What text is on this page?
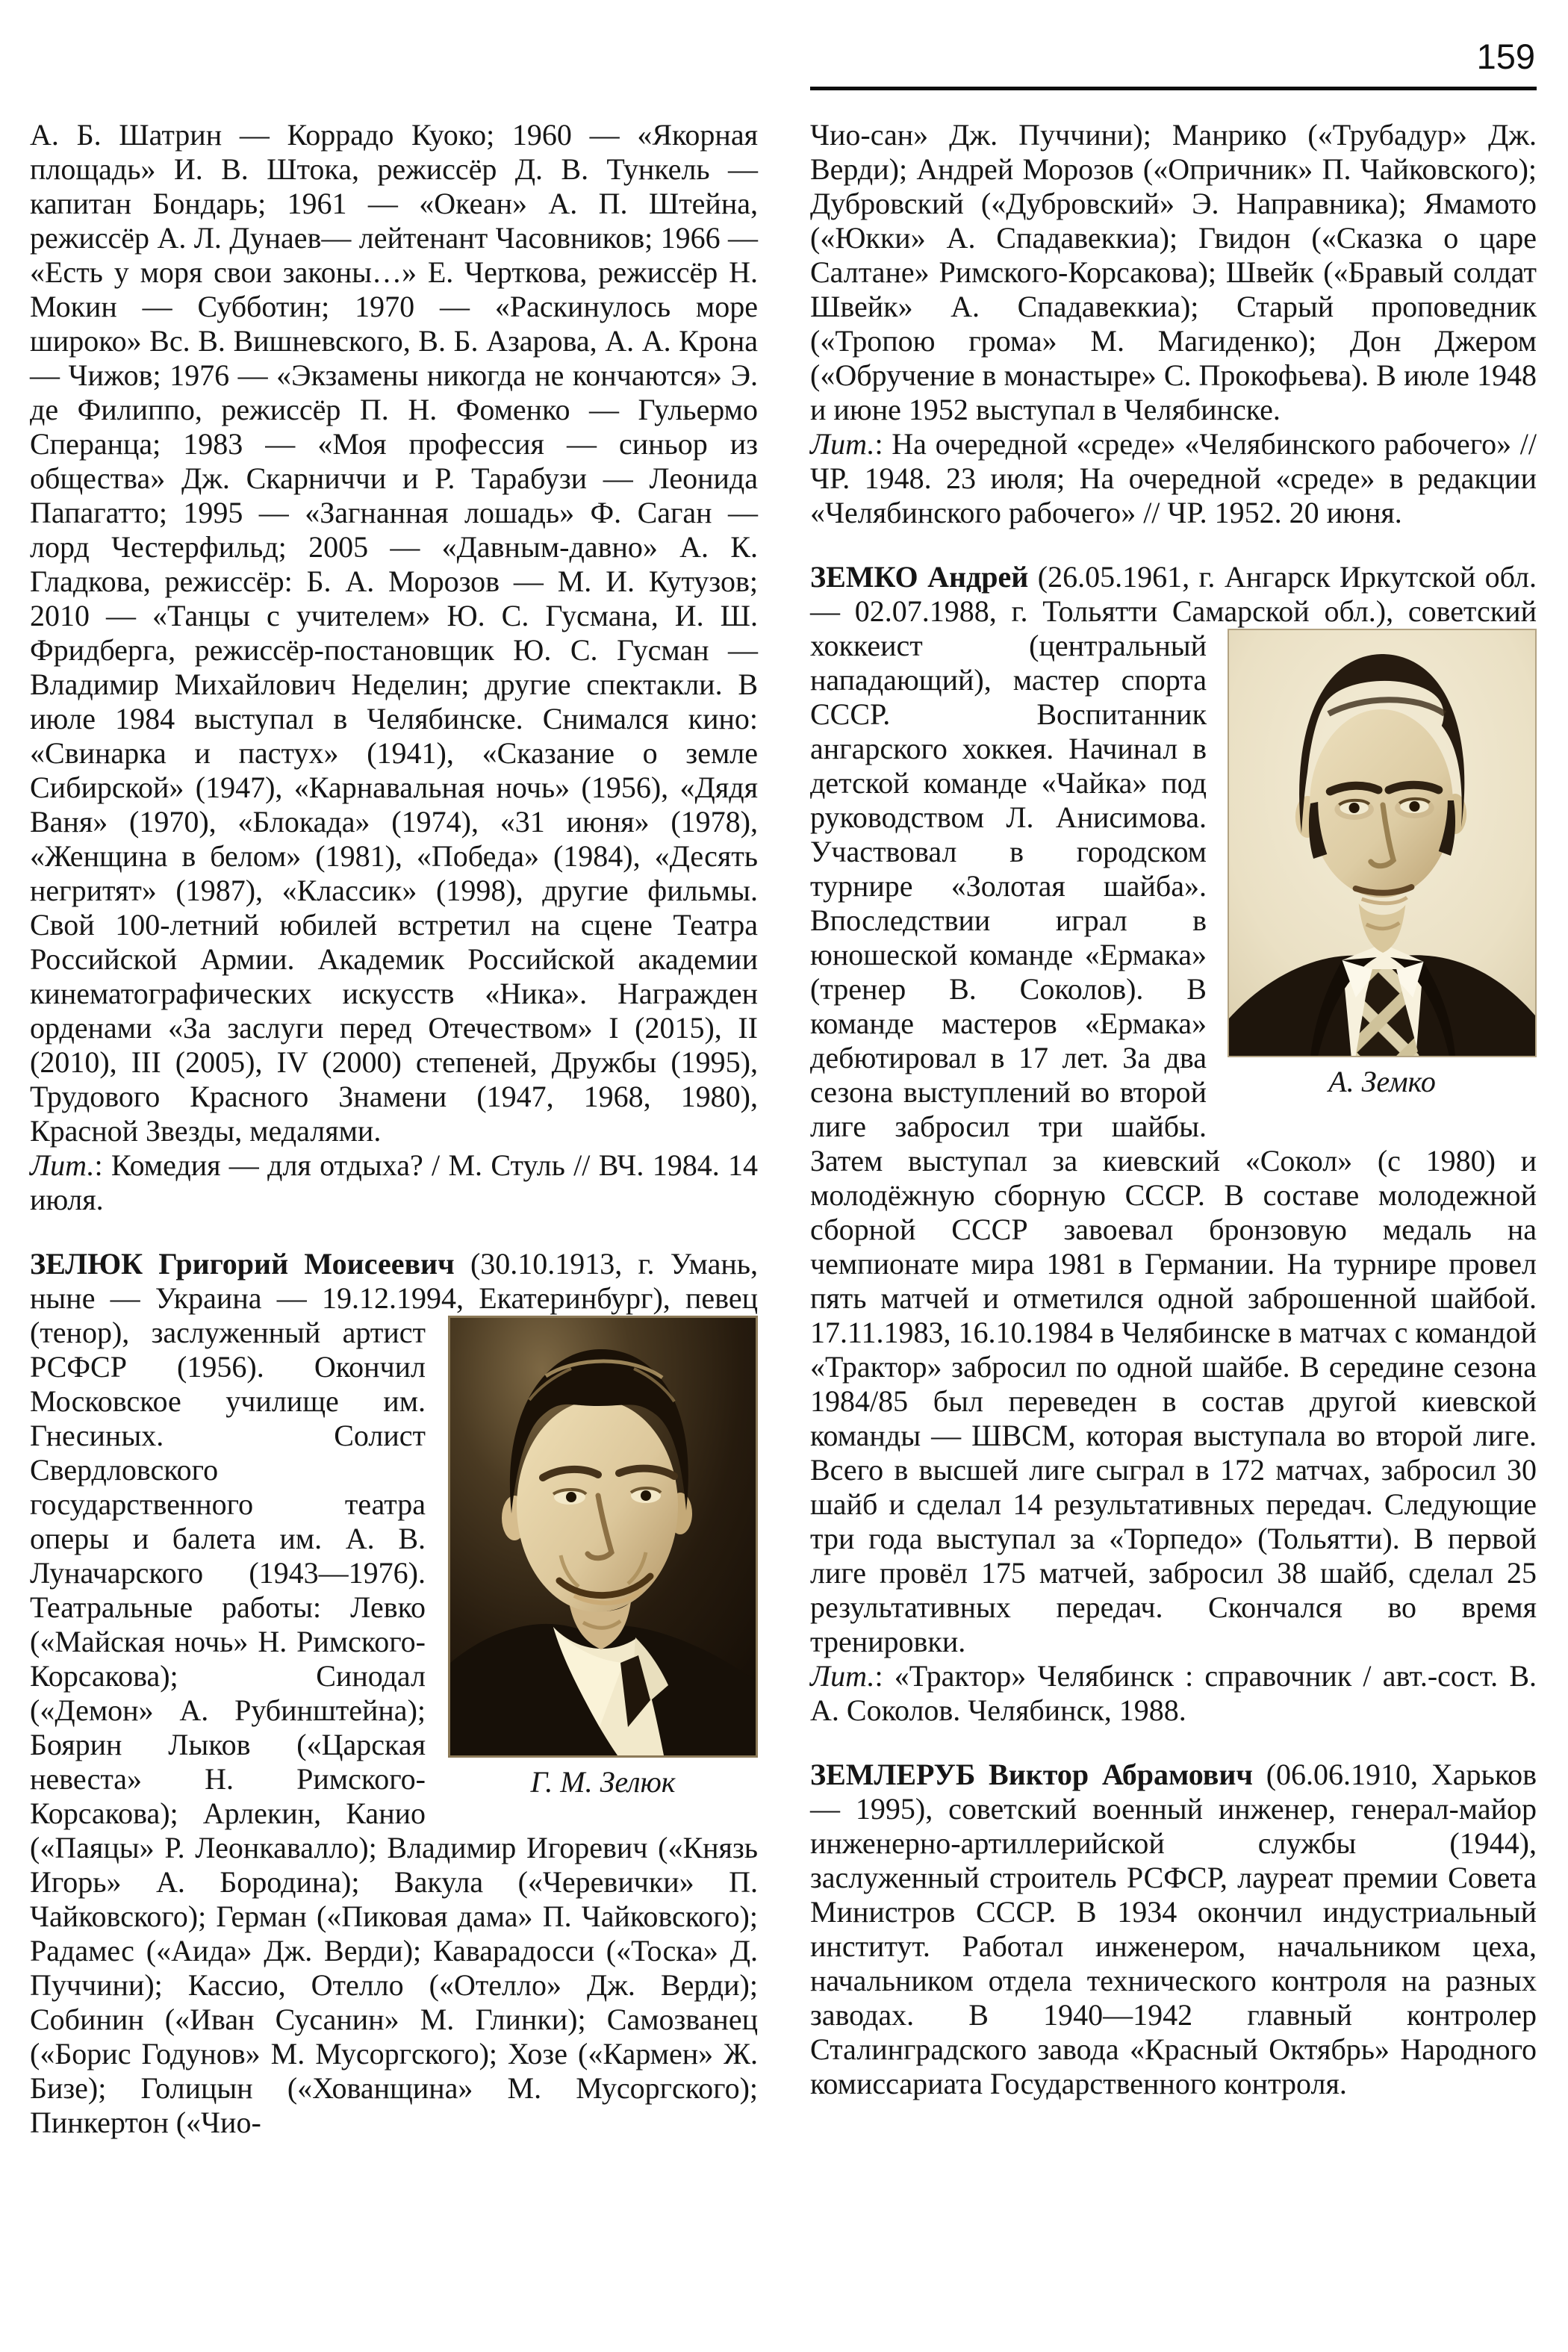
159
А. Б. Шатрин — Коррадо Куоко; 1960 — «Якорная площадь» И. В. Штока, режиссёр Д. В. Тункель — капитан Бондарь; 1961 — «Океан» А. П. Штейна, режиссёр А. Л. Дунаев— лейтенант Часовников; 1966 — «Есть у моря свои законы…» Е. Черткова, режиссёр Н. Мокин — Субботин; 1970 — «Раскинулось море широко» Вс. В. Вишневского, В. Б. Азарова, А. А. Крона — Чижов; 1976 — «Экзамены никогда не кончаются» Э. де Филиппо, режиссёр П. Н. Фоменко — Гульермо Сперанца; 1983 — «Моя профессия — синьор из общества» Дж. Скарниччи и Р. Тарабузи — Леонида Папагатто; 1995 — «Загнанная лошадь» Ф. Саган — лорд Честерфильд; 2005 — «Давным-давно» А. К. Гладкова, режиссёр: Б. А. Морозов — М. И. Кутузов; 2010 — «Танцы с учителем» Ю. С. Гусмана, И. Ш. Фридберга, режиссёр-постановщик Ю. С. Гусман — Владимир Михайлович Неделин; другие спектакли. В июле 1984 выступал в Челябинске. Снимался кино: «Свинарка и пастух» (1941), «Сказание о земле Сибирской» (1947), «Карнавальная ночь» (1956), «Дядя Ваня» (1970), «Блокада» (1974), «31 июня» (1978), «Женщина в белом» (1981), «Победа» (1984), «Десять негритят» (1987), «Классик» (1998), другие фильмы. Свой 100-летний юбилей встретил на сцене Театра Российской Армии. Академик Российской академии кинематографических искусств «Ника». Награжден орденами «За заслуги перед Отечеством» I (2015), II (2010), III (2005), IV (2000) степеней, Дружбы (1995), Трудового Красного Знамени (1947, 1968, 1980), Красной Звезды, медалями.
Лит.: Комедия — для отдыха? / М. Стуль // ВЧ. 1984. 14 июля.
Г. М. Зелюк
ЗЕЛЮК Григорий Моисеевич (30.10.1913, г. Умань, ныне — Украина — 19.12.1994, Екатеринбург), певец (тенор), заслуженный артист РСФСР (1956). Окончил Московское училище им. Гнесиных. Солист Свердловского государственного театра оперы и балета им. А. В. Луначарского (1943—1976). Театральные работы: Левко («Майская ночь» Н. Римского-Корсакова); Синодал («Демон» А. Рубинштейна); Боярин Лыков («Царская невеста» Н. Римского-Корсакова); Арлекин, Канио («Паяцы» Р. Леонкавалло); Владимир Игоревич («Князь Игорь» А. Бородина); Вакула («Черевички» П. Чайковского); Герман («Пиковая дама» П. Чайковского); Радамес («Аида» Дж. Верди); Каварадосси («Тоска» Д. Пуччини); Кассио, Отелло («Отелло» Дж. Верди); Собинин («Иван Сусанин» М. Глинки); Самозванец («Борис Годунов» М. Мусоргского); Хозе («Кармен» Ж. Бизе); Голицын («Хованщина» М. Мусоргского); Пинкертон («Чио-
Чио-сан» Дж. Пуччини); Манрико («Трубадур» Дж. Верди); Андрей Морозов («Опричник» П. Чайковского); Дубровский («Дубровский» Э. Направника); Ямамото («Юкки» А. Спадавеккиа); Гвидон («Сказка о царе Салтане» Римского-Корсакова); Швейк («Бравый солдат Швейк» А. Спадавеккиа); Старый проповедник («Тропою грома» М. Магиденко); Дон Джером («Обручение в монастыре» С. Прокофьева). В июле 1948 и июне 1952 выступал в Челябинске.
Лит.: На очередной «среде» «Челябинского рабочего» // ЧР. 1948. 23 июля; На очередной «среде» в редакции «Челябинского рабочего» // ЧР. 1952. 20 июня.
А. Земко
ЗЕМКО Андрей (26.05.1961, г. Ангарск Иркутской обл. — 02.07.1988, г. Тольятти Самарской обл.), советский хоккеист (центральный нападающий), мастер спорта СССР. Воспитанник ангарского хоккея. Начинал в детской команде «Чайка» под руководством Л. Анисимова. Участвовал в городском турнире «Золотая шайба». Впоследствии играл в юношеской команде «Ермака» (тренер В. Соколов). В команде мастеров «Ермака» дебютировал в 17 лет. За два сезона выступлений во второй лиге забросил три шайбы. Затем выступал за киевский «Сокол» (с 1980) и молодёжную сборную СССР. В составе молодежной сборной СССР завоевал бронзовую медаль на чемпионате мира 1981 в Германии. На турнире провел пять матчей и отметился одной заброшенной шайбой. 17.11.1983, 16.10.1984 в Челябинске в матчах с командой «Трактор» забросил по одной шайбе. В середине сезона 1984/85 был переведен в состав другой киевской команды — ШВСМ, которая выступала во второй лиге. Всего в высшей лиге сыграл в 172 матчах, забросил 30 шайб и сделал 14 результативных передач. Следующие три года выступал за «Торпедо» (Тольятти). В первой лиге провёл 175 матчей, забросил 38 шайб, сделал 25 результативных передач. Скончался во время тренировки.
Лит.: «Трактор» Челябинск : справочник / авт.-сост. В. А. Соколов. Челябинск, 1988.
ЗЕМЛЕРУБ Виктор Абрамович (06.06.1910, Харьков — 1995), советский военный инженер, генерал-майор инженерно-артиллерийской службы (1944), заслуженный строитель РСФСР, лауреат премии Совета Министров СССР. В 1934 окончил индустриальный институт. Работал инженером, начальником цеха, начальником отдела технического контроля на разных заводах. В 1940—1942 главный контролер Сталинградского завода «Красный Октябрь» Народного комиссариата Государственного контроля.
